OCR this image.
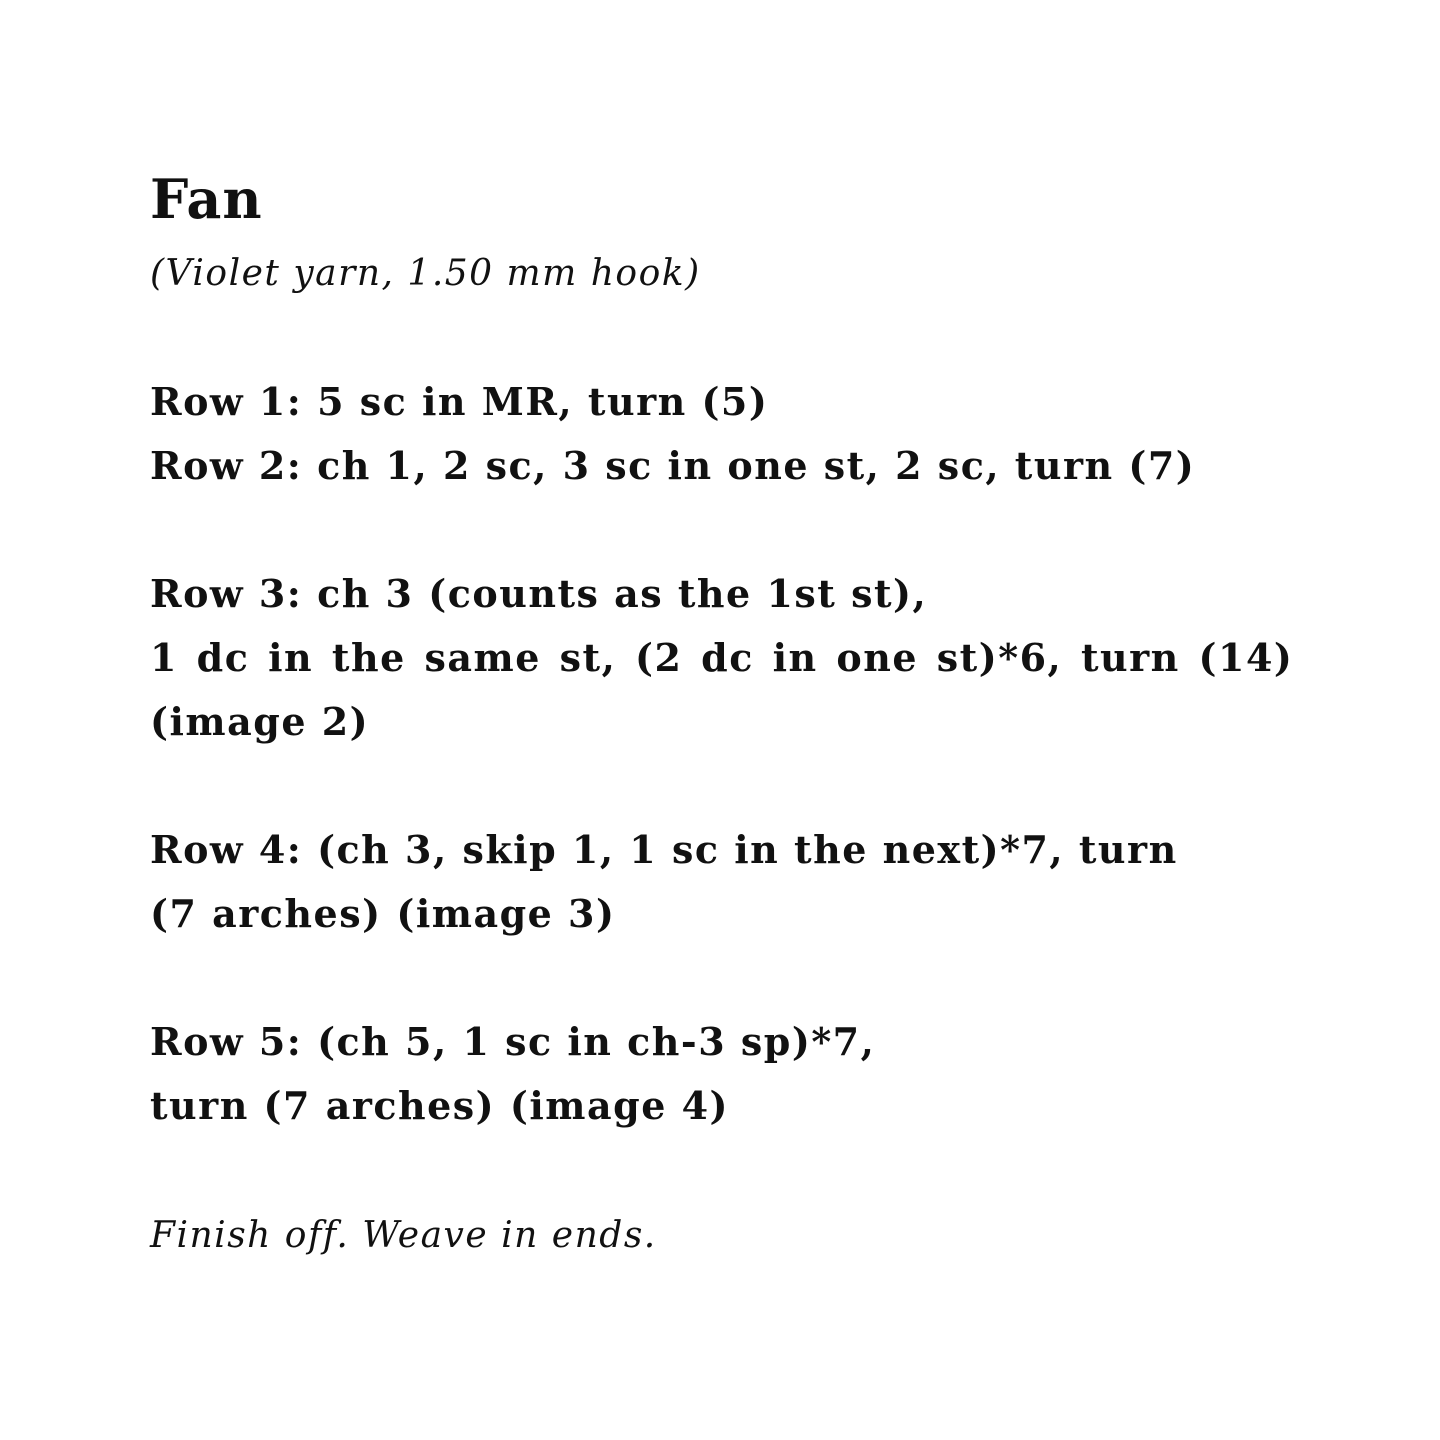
Fan

(Violet yarn, 1.50 mm hook)

Row 1: 5 sc in MR, turn (5)
Row 2: ch 1, 2 sc, 3 sc in one st, 2 sc, turn (7)
Row 3: ch 3 (counts as the 1st st),
1 dc in the same st, (2 dc in one st)*6, turn (14)
(image 2)
Row 4: (ch 3, skip 1, 1 sc in the next)*7, turn
(7 arches) (image 3)
Row 5: (ch 5, 1 sc in ch-3 sp)*7,
turn (7 arches) (image 4)

Finish off. Weave in ends.
